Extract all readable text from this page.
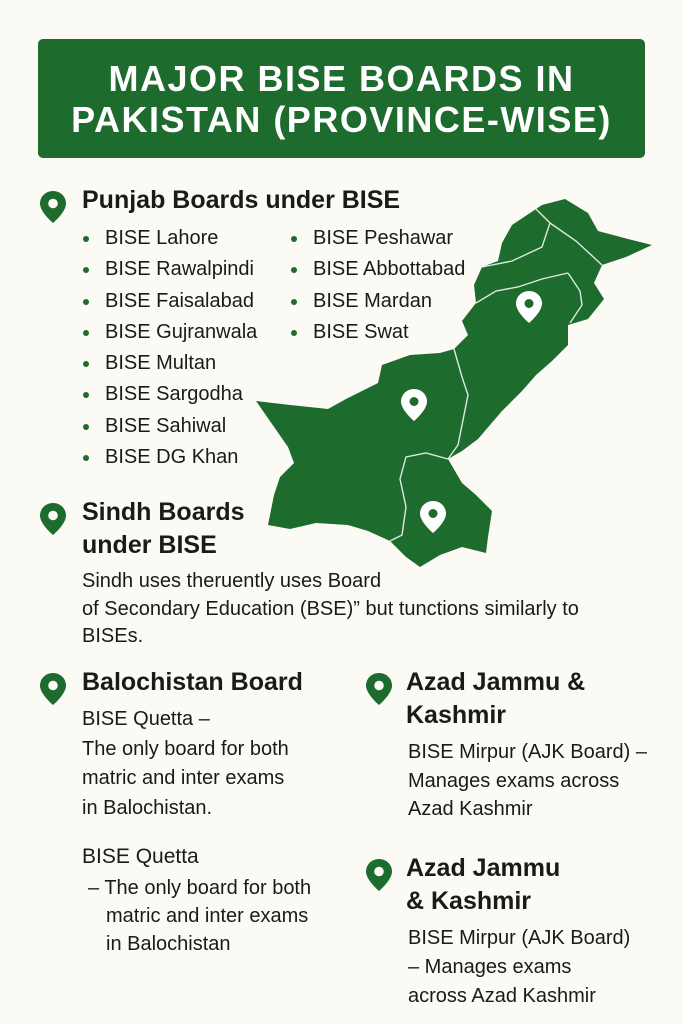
MAJOR BISE BOARDS IN
PAKISTAN (PROVINCE-WISE)
Punjab Boards under BISE
BISE Lahore
BISE Rawalpindi
BISE Faisalabad
BISE Gujranwala
BISE Multan
BISE Sargodha
BISE Sahiwal
BISE DG Khan
BISE Peshawar
BISE Abbottabad
BISE Mardan
BISE Swat
Sindh Boards
under BISE
Sindh uses theruently uses Board
of Secondary Education (BSE)” but tunctions similarly to
BISEs.
Balochistan Board
BISE Quetta –
The only board for both
matric and inter exams
in Balochistan.
BISE Quetta
– The only board for both
matric and inter exams
in Balochistan
Azad Jammu &
Kashmir
BISE Mirpur (AJK Board) –
Manages exams across
Azad Kashmir
Azad Jammu
& Kashmir
BISE Mirpur (AJK Board)
– Manages exams
across Azad Kashmir
